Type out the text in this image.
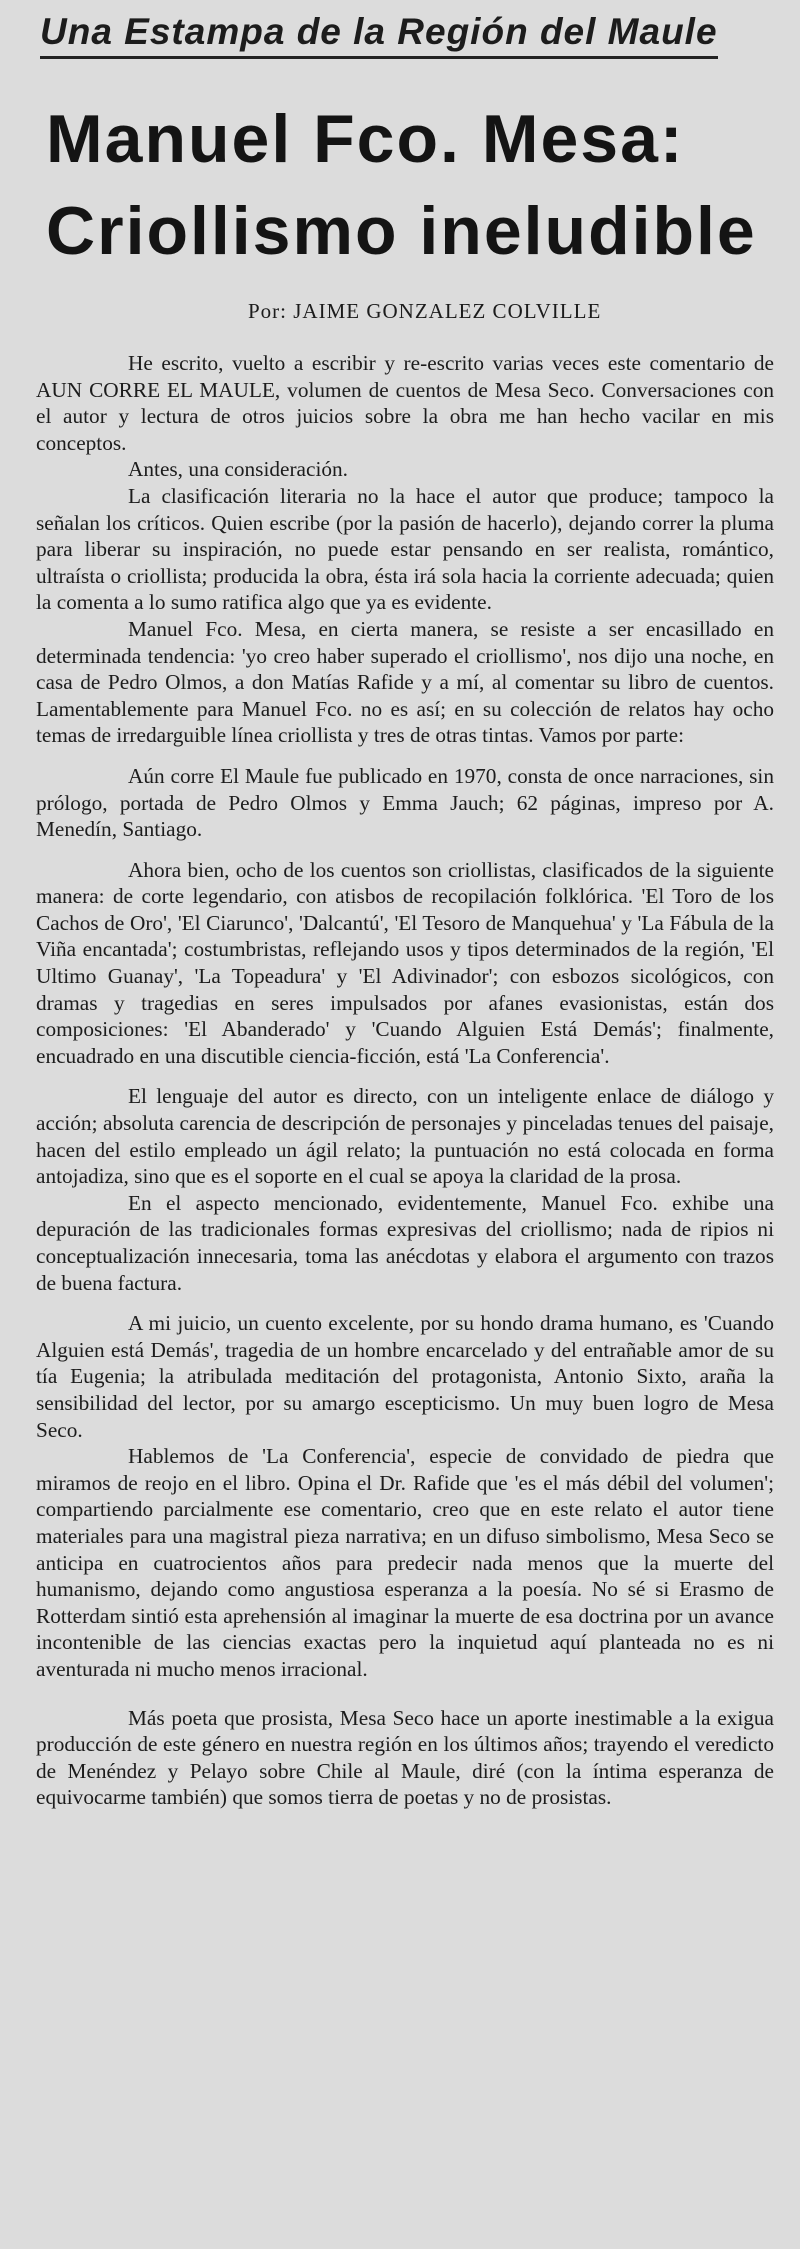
Una Estampa de la Región del Maule
Manuel Fco. Mesa:
Criollismo ineludible
Por: JAIME GONZALEZ COLVILLE

He escrito, vuelto a escribir y re-escrito varias veces este comentario de AUN CORRE EL MAULE, volumen de cuentos de Mesa Seco. Conversaciones con el autor y lectura de otros juicios sobre la obra me han hecho vacilar en mis conceptos.

Antes, una consideración.

La clasificación literaria no la hace el autor que produce; tampoco la señalan los críticos. Quien escribe (por la pasión de hacerlo), dejando correr la pluma para liberar su inspiración, no puede estar pensando en ser realista, romántico, ultraísta o criollista; producida la obra, ésta irá sola hacia la corriente adecuada; quien la comenta a lo sumo ratifica algo que ya es evidente.

Manuel Fco. Mesa, en cierta manera, se resiste a ser encasillado en determinada tendencia: 'yo creo haber superado el criollismo', nos dijo una noche, en casa de Pedro Olmos, a don Matías Rafide y a mí, al comentar su libro de cuentos. Lamentablemente para Manuel Fco. no es así; en su colección de relatos hay ocho temas de irredarguible línea criollista y tres de otras tintas. Vamos por parte:

Aún corre El Maule fue publicado en 1970, consta de once narraciones, sin prólogo, portada de Pedro Olmos y Emma Jauch; 62 páginas, impreso por A. Menedín, Santiago.

Ahora bien, ocho de los cuentos son criollistas, clasificados de la siguiente manera: de corte legendario, con atisbos de recopilación folklórica. 'El Toro de los Cachos de Oro', 'El Ciarunco', 'Dalcantú', 'El Tesoro de Manquehua' y 'La Fábula de la Viña encantada'; costumbristas, reflejando usos y tipos determinados de la región, 'El Ultimo Guanay', 'La Topeadura' y 'El Adivinador'; con esbozos sicológicos, con dramas y tragedias en seres impulsados por afanes evasionistas, están dos composiciones: 'El Abanderado' y 'Cuando Alguien Está Demás'; finalmente, encuadrado en una discutible ciencia-ficción, está 'La Conferencia'.

El lenguaje del autor es directo, con un inteligente enlace de diálogo y acción; absoluta carencia de descripción de personajes y pinceladas tenues del paisaje, hacen del estilo empleado un ágil relato; la puntuación no está colocada en forma antojadiza, sino que es el soporte en el cual se apoya la claridad de la prosa.

En el aspecto mencionado, evidentemente, Manuel Fco. exhibe una depuración de las tradicionales formas expresivas del criollismo; nada de ripios ni conceptualización innecesaria, toma las anécdotas y elabora el argumento con trazos de buena factura.

A mi juicio, un cuento excelente, por su hondo drama humano, es 'Cuando Alguien está Demás', tragedia de un hombre encarcelado y del entrañable amor de su tía Eugenia; la atribulada meditación del protagonista, Antonio Sixto, araña la sensibilidad del lector, por su amargo escepticismo. Un muy buen logro de Mesa Seco.

Hablemos de 'La Conferencia', especie de convidado de piedra que miramos de reojo en el libro. Opina el Dr. Rafide que 'es el más débil del volumen'; compartiendo parcialmente ese comentario, creo que en este relato el autor tiene materiales para una magistral pieza narrativa; en un difuso simbolismo, Mesa Seco se anticipa en cuatrocientos años para predecir nada menos que la muerte del humanismo, dejando como angustiosa esperanza a la poesía. No sé si Erasmo de Rotterdam sintió esta aprehensión al imaginar la muerte de esa doctrina por un avance incontenible de las ciencias exactas pero la inquietud aquí planteada no es ni aventurada ni mucho menos irracional.

Más poeta que prosista, Mesa Seco hace un aporte inestimable a la exigua producción de este género en nuestra región en los últimos años; trayendo el veredicto de Menéndez y Pelayo sobre Chile al Maule, diré (con la íntima esperanza de equivocarme también) que somos tierra de poetas y no de prosistas.
